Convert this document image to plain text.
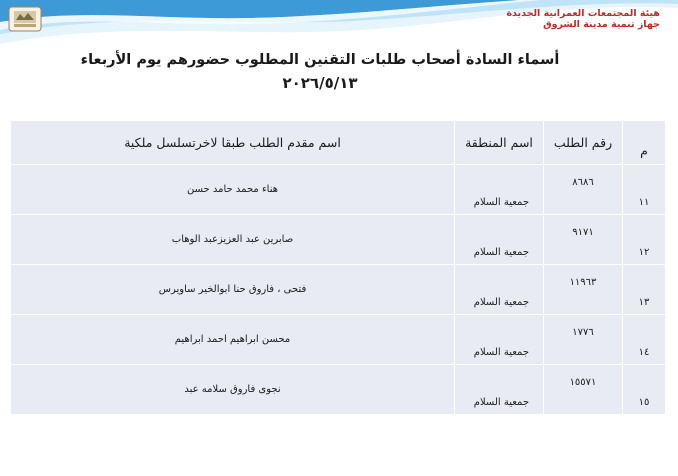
هيئة المجتمعات العمرانية الجديدة
جهاز تنمية مدينة الشروق
أسماء السادة أصحاب طلبات التقنين المطلوب حضورهم يوم الأربعاء
٢٠٢٦/٥/١٣
م	رقم الطلب	اسم المنطقة	اسم مقدم الطلب طبقا لاخرتسلسل ملكية
١١	٨٦٨٦	جمعية السلام	هناء محمد حامد حسن
١٢	٩١٧١	جمعية السلام	صابرين عبد العزيزعبد الوهاب
١٣	١١٩٦٣	جمعية السلام	فتحى ، فاروق حنا ابوالخير ساويرس
١٤	١٧٧٦	جمعية السلام	محسن ابراهيم احمد ابراهيم
١٥	١٥٥٧١	جمعية السلام	نجوى فاروق سلامه عبد
